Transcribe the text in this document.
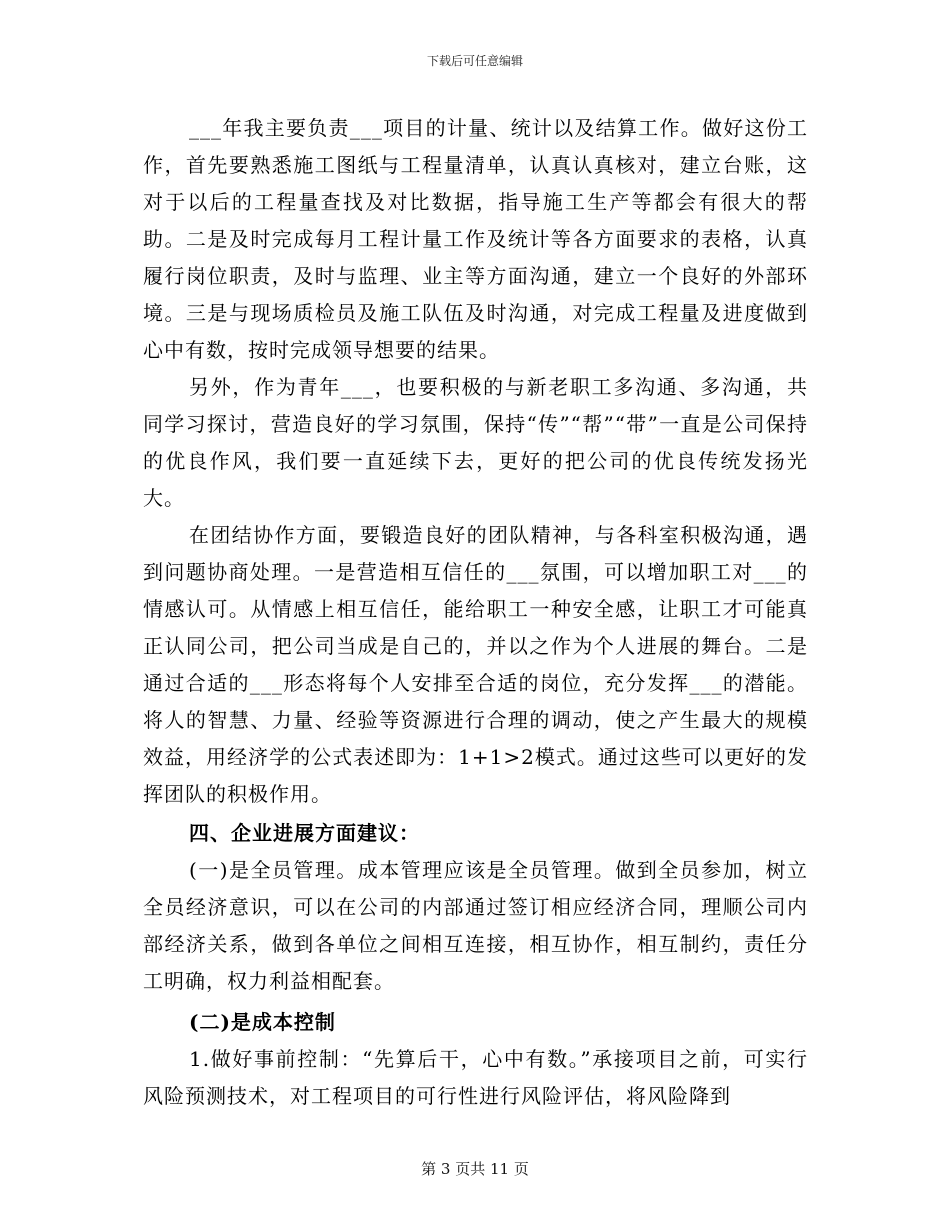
下载后可任意编辑

___年我主要负责___项目的计量、统计以及结算工作。做好这份工作，首先要熟悉施工图纸与工程量清单，认真认真核对，建立台账，这对于以后的工程量查找及对比数据，指导施工生产等都会有很大的帮助。二是及时完成每月工程计量工作及统计等各方面要求的表格，认真履行岗位职责，及时与监理、业主等方面沟通，建立一个良好的外部环境。三是与现场质检员及施工队伍及时沟通，对完成工程量及进度做到心中有数，按时完成领导想要的结果。

另外，作为青年___，也要积极的与新老职工多沟通、多沟通，共同学习探讨，营造良好的学习氛围，保持“传”“帮”“带”一直是公司保持的优良作风，我们要一直延续下去，更好的把公司的优良传统发扬光大。

在团结协作方面，要锻造良好的团队精神，与各科室积极沟通，遇到问题协商处理。一是营造相互信任的___氛围，可以增加职工对___的情感认可。从情感上相互信任，能给职工一种安全感，让职工才可能真正认同公司，把公司当成是自己的，并以之作为个人进展的舞台。二是通过合适的___形态将每个人安排至合适的岗位，充分发挥___的潜能。将人的智慧、力量、经验等资源进行合理的调动，使之产生最大的规模效益，用经济学的公式表述即为：1+1>2模式。通过这些可以更好的发挥团队的积极作用。

四、企业进展方面建议：

(一)是全员管理。成本管理应该是全员管理。做到全员参加，树立全员经济意识，可以在公司的内部通过签订相应经济合同，理顺公司内部经济关系，做到各单位之间相互连接，相互协作，相互制约，责任分工明确，权力利益相配套。

(二)是成本控制

1.做好事前控制：“先算后干，心中有数。”承接项目之前，可实行风险预测技术，对工程项目的可行性进行风险评估，将风险降到

第 3 页共 11 页
